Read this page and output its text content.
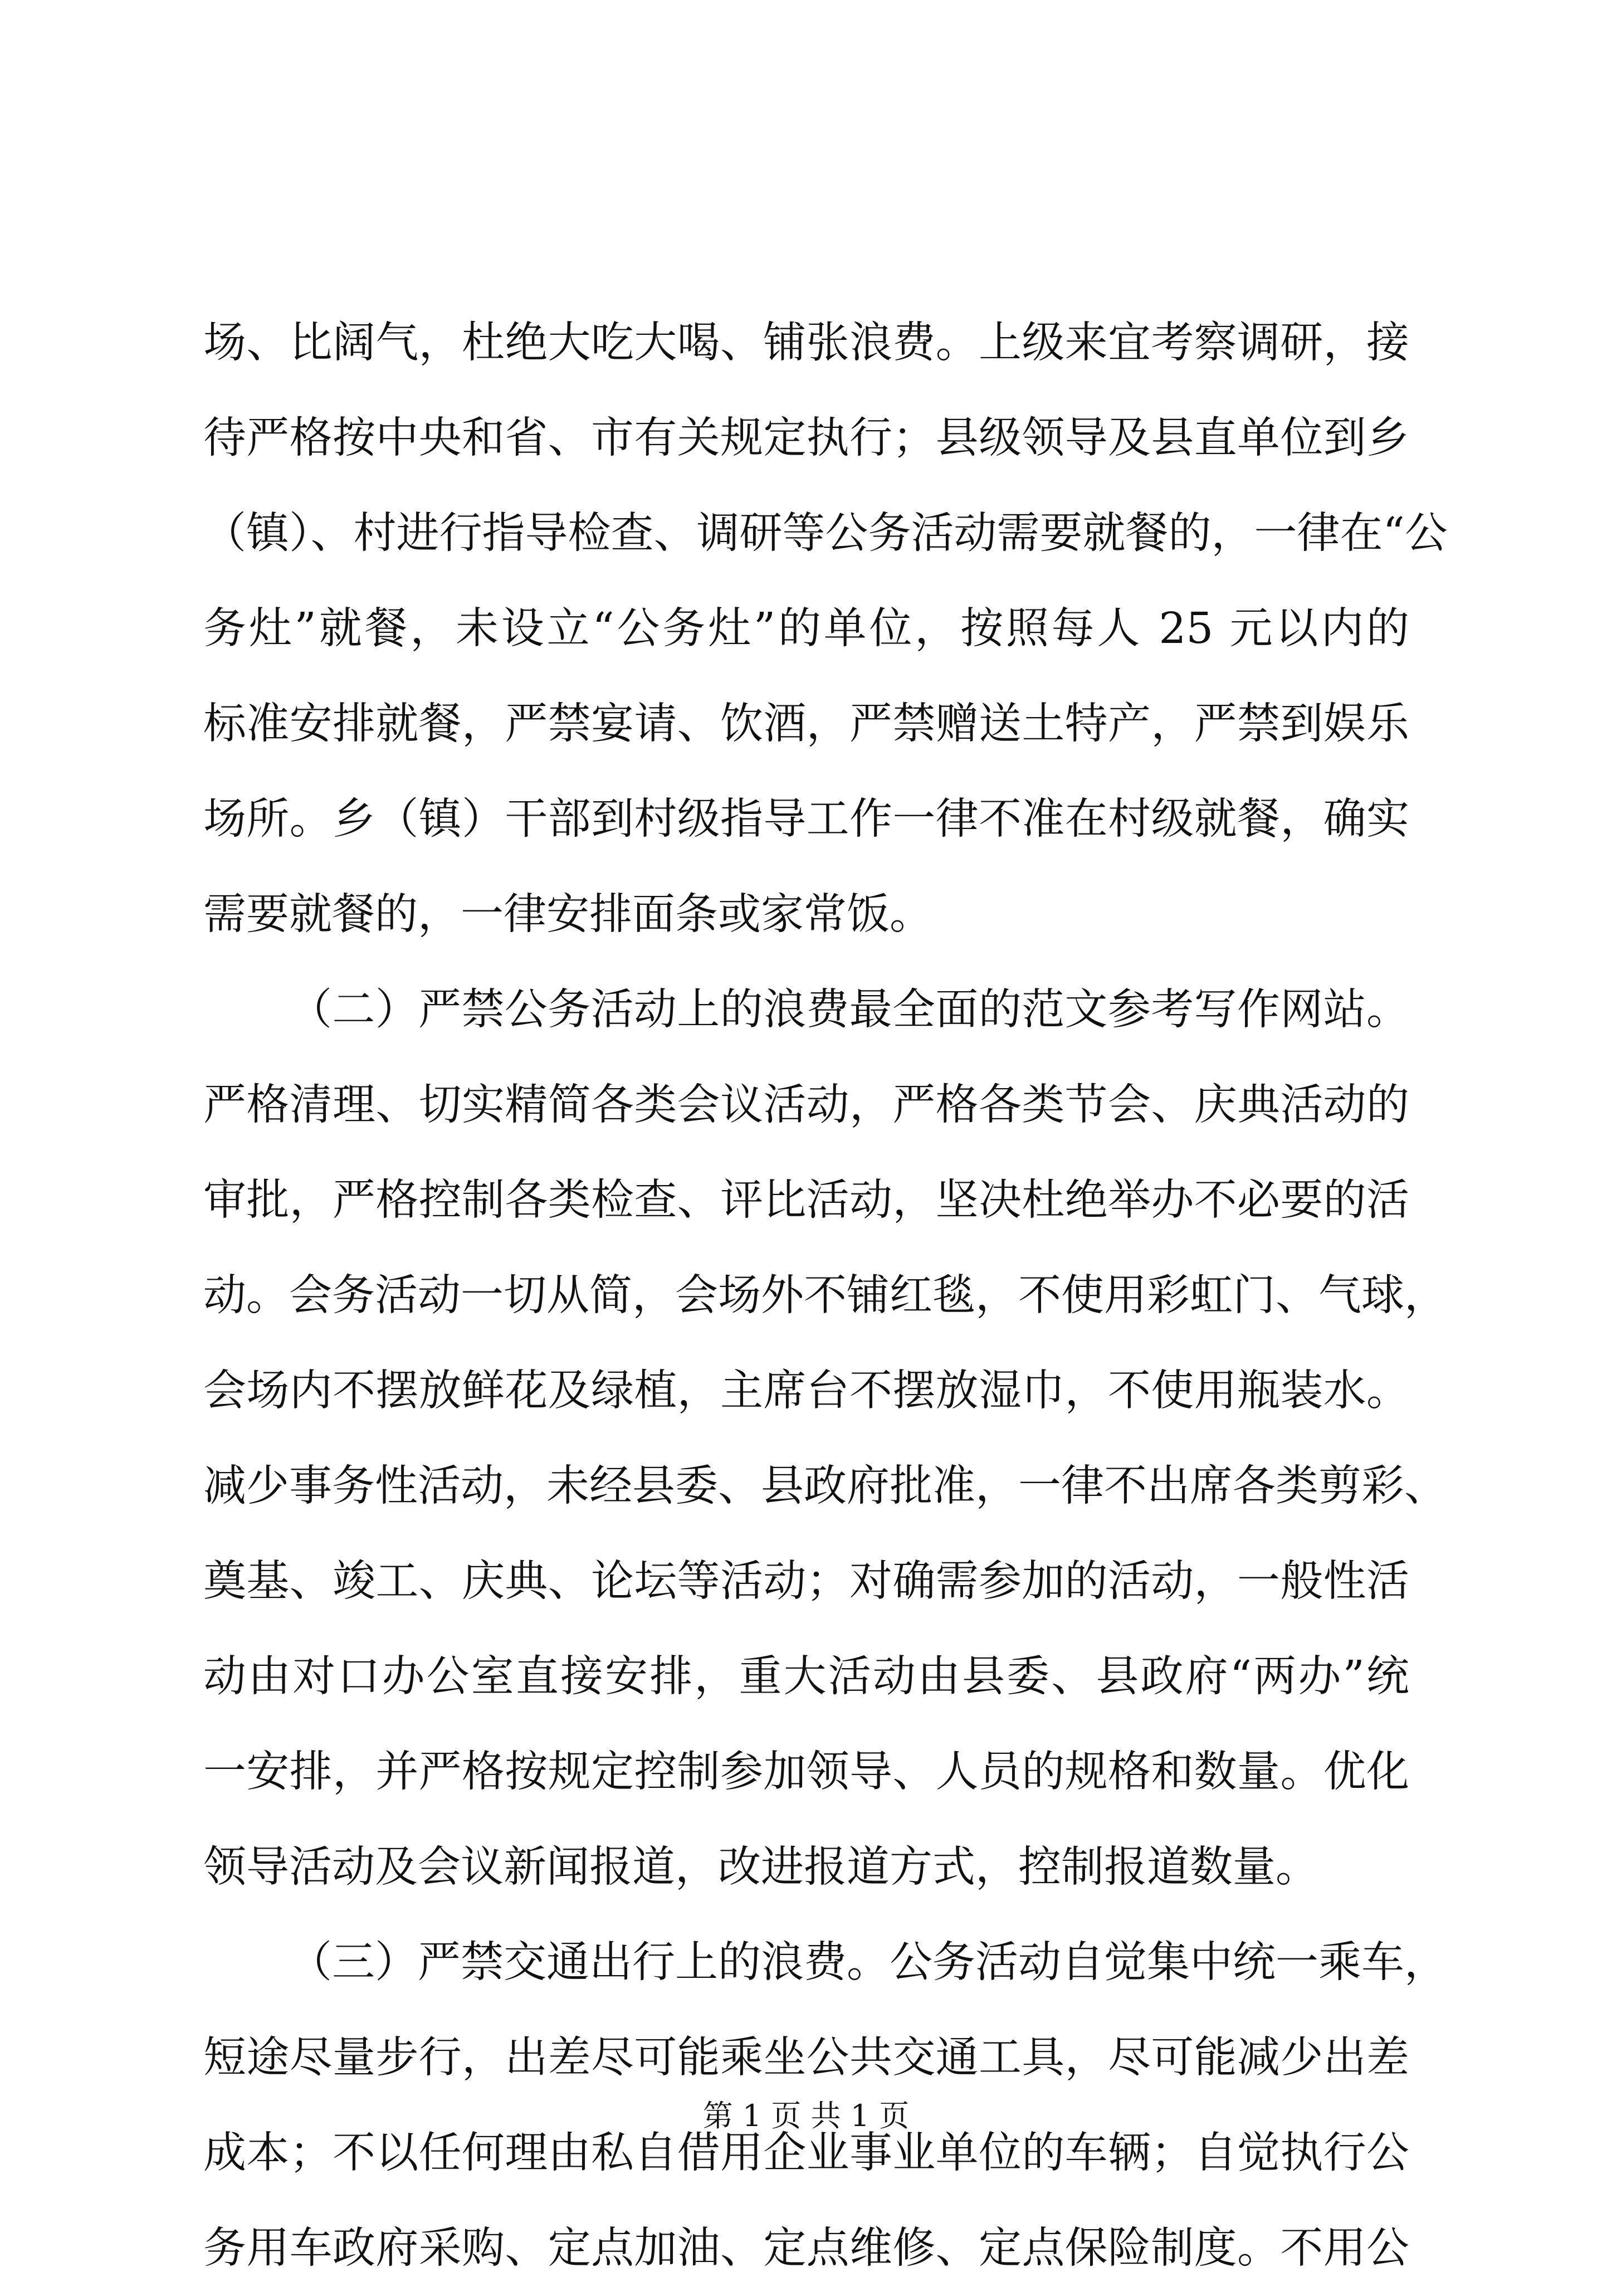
场、比阔气，杜绝大吃大喝、铺张浪费。上级来宜考察调研，接
待严格按中央和省、市有关规定执行；县级领导及县直单位到乡
（镇）、村进行指导检查、调研等公务活动需要就餐的，一律在“公
务灶”就餐，未设立“公务灶”的单位，按照每人 25 元以内的
标准安排就餐，严禁宴请、饮酒，严禁赠送土特产，严禁到娱乐
场所。乡（镇）干部到村级指导工作一律不准在村级就餐，确实
需要就餐的，一律安排面条或家常饭。
（二）严禁公务活动上的浪费最全面的范文参考写作网站。
严格清理、切实精简各类会议活动，严格各类节会、庆典活动的
审批，严格控制各类检查、评比活动，坚决杜绝举办不必要的活
动。会务活动一切从简，会场外不铺红毯，不使用彩虹门、气球，
会场内不摆放鲜花及绿植，主席台不摆放湿巾，不使用瓶装水。
减少事务性活动，未经县委、县政府批准，一律不出席各类剪彩、
奠基、竣工、庆典、论坛等活动；对确需参加的活动，一般性活
动由对口办公室直接安排，重大活动由县委、县政府“两办”统
一安排，并严格按规定控制参加领导、人员的规格和数量。优化
领导活动及会议新闻报道，改进报道方式，控制报道数量。
（三）严禁交通出行上的浪费。公务活动自觉集中统一乘车，
短途尽量步行，出差尽可能乘坐公共交通工具，尽可能减少出差
成本；不以任何理由私自借用企业事业单位的车辆；自觉执行公
务用车政府采购、定点加油、定点维修、定点保险制度。不用公
第 1 页 共 1 页
